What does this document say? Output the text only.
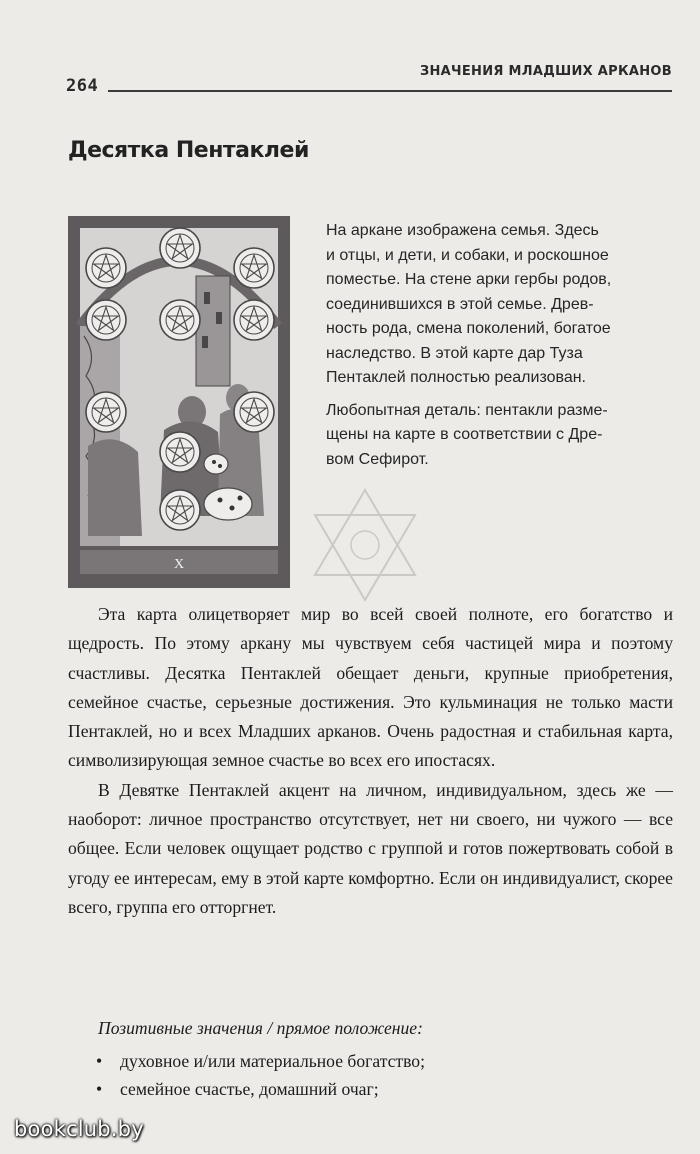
264
ЗНАЧЕНИЯ МЛАДШИХ АРКАНОВ
Десятка Пентаклей
X

На аркане изображена семья. Здесь
и отцы, и дети, и собаки, и роскошное
поместье. На стене арки гербы родов,
соединившихся в этой семье. Древ-
ность рода, смена поколений, богатое
наследство. В этой карте дар Туза
Пентаклей полностью реализован.

Любопытная деталь: пентакли разме-
щены на карте в соответствии с Дре-
вом Сефирот.

Эта карта олицетворяет мир во всей своей полноте, его богатство и щедрость. По этому аркану мы чувствуем себя частицей мира и поэтому счастливы. Десятка Пентаклей обещает деньги, крупные приобретения, семейное счастье, серьезные достижения. Это кульминация не только масти Пентаклей, но и всех Младших арканов. Очень радостная и стабильная карта, символизирующая земное счастье во всех его ипостасях.

В Девятке Пентаклей акцент на личном, индивидуальном, здесь же — наоборот: личное пространство отсутствует, нет ни своего, ни чужого — все общее. Если человек ощущает родство с группой и готов пожертвовать собой в угоду ее интересам, ему в этой карте комфортно. Если он индивидуалист, скорее всего, группа его отторгнет.

Позитивные значения / прямое положение:
• духовное и/или материальное богатство;
• семейное счастье, домашний очаг;
bookclub.by
